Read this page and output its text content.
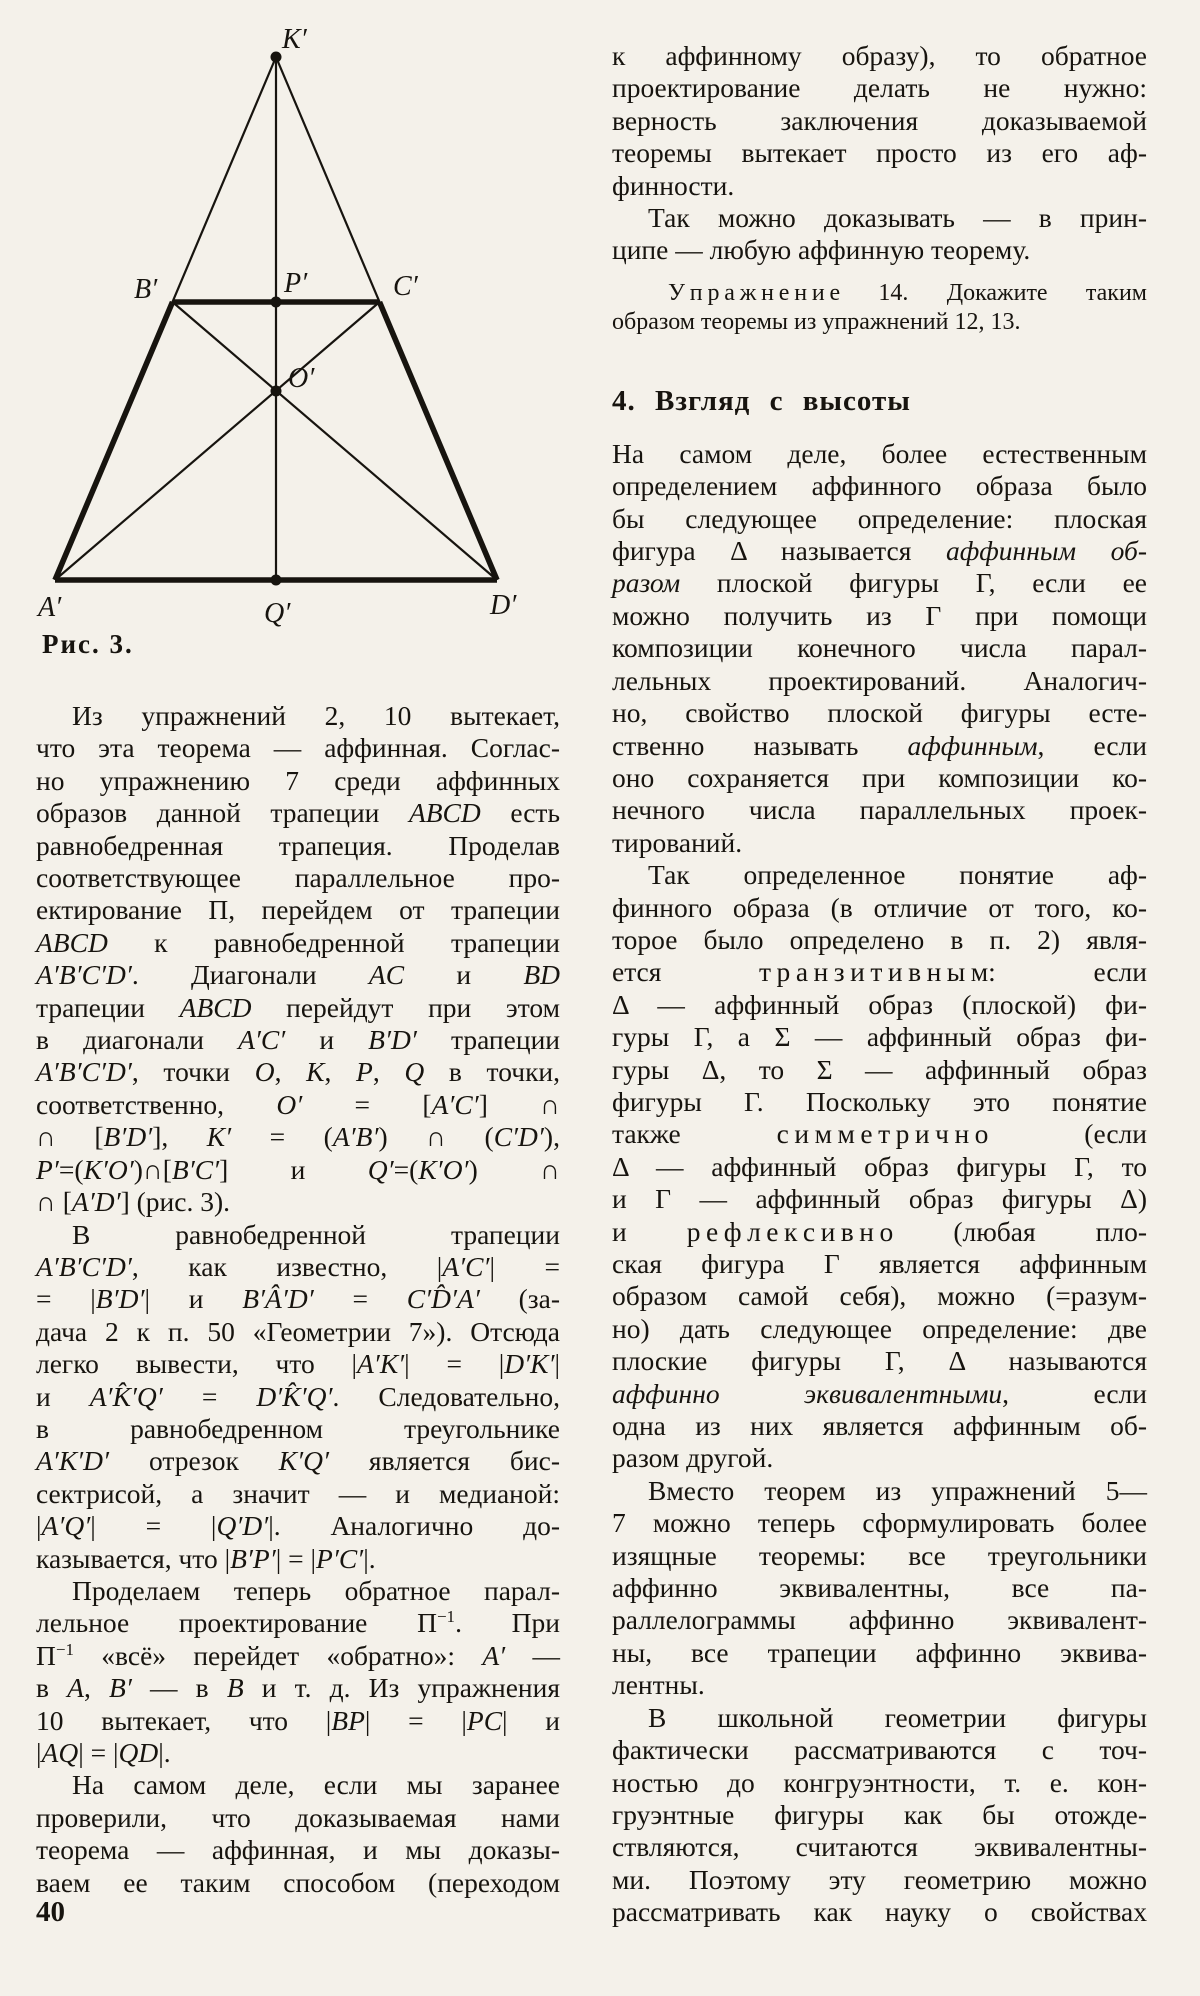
K′
B′	P′	C′
O′
A′	Q′	D′
Рис. 3.
Из упражнений 2, 10 вытекает,
что эта теорема — аффинная. Соглас-
но упражнению 7 среди аффинных
образов данной трапеции ABCD есть
равнобедренная трапеция. Проделав
соответствующее параллельное про-
ектирование П, перейдем от трапеции
ABCD к равнобедренной трапеции
A′B′C′D′. Диагонали AC и BD
трапеции ABCD перейдут при этом
в диагонали A′C′ и B′D′ трапеции
A′B′C′D′, точки O, K, P, Q в точки,
соответственно, O′ = [A′C′] ∩
∩ [B′D′], K′ = (A′B′) ∩ (C′D′),
P′=(K′O′)∩[B′C′] и Q′=(K′O′) ∩
∩ [A′D′] (рис. 3).
В равнобедренной трапеции
A′B′C′D′, как известно, |A′C′| =
= |B′D′| и B′Â′D′ = C′D̂′A′ (за-
дача 2 к п. 50 «Геометрии 7»). Отсюда
легко вывести, что |A′K′| = |D′K′|
и A′K̂′Q′ = D′K̂′Q′. Следовательно,
в равнобедренном треугольнике
A′K′D′ отрезок K′Q′ является бис-
сектрисой, а значит — и медианой:
|A′Q′| = |Q′D′|. Аналогично до-
казывается, что |B′P′| = |P′C′|.
Проделаем теперь обратное парал-
лельное проектирование $П^{-1}$. При
$П^{-1}$ «всё» перейдет «обратно»: A′ —
в A, B′ — в B и т. д. Из упражнения
10 вытекает, что |BP| = |PC| и
|AQ| = |QD|.
На самом деле, если мы заранее
проверили, что доказываемая нами
теорема — аффинная, и мы доказы-
ваем ее таким способом (переходом
к аффинному образу), то обратное
проектирование делать не нужно:
верность заключения доказываемой
теоремы вытекает просто из его аф-
финности.
Так можно доказывать — в прин-
ципе — любую аффинную теорему.
У п р а ж н е н и е 14. Докажите таким
образом теоремы из упражнений 12, 13.
4. Взгляд с высоты
На самом деле, более естественным
определением аффинного образа было
бы следующее определение: плоская
фигура Δ называется аффинным об-
разом плоской фигуры Г, если ее
можно получить из Г при помощи
композиции конечного числа парал-
лельных проектирований. Аналогич-
но, свойство плоской фигуры есте-
ственно называть аффинным, если
оно сохраняется при композиции ко-
нечного числа параллельных проек-
тирований.
Так определенное понятие аф-
финного образа (в отличие от того, ко-
торое было определено в п. 2) явля-
ется т р а н з и т и в н ы м: если
Δ — аффинный образ (плоской) фи-
гуры Г, а Σ — аффинный образ фи-
гуры Δ, то Σ — аффинный образ
фигуры Г. Поскольку это понятие
также с и м м е т р и ч н о (если
Δ — аффинный образ фигуры Г, то
и Г — аффинный образ фигуры Δ)
и р е ф л е к с и в н о (любая пло-
ская фигура Г является аффинным
образом самой себя), можно (=разум-
но) дать следующее определение: две
плоские фигуры Г, Δ называются
аффинно эквивалентными, если
одна из них является аффинным об-
разом другой.
Вместо теорем из упражнений 5—
7 можно теперь сформулировать более
изящные теоремы: все треугольники
аффинно эквивалентны, все па-
раллелограммы аффинно эквивалент-
ны, все трапеции аффинно эквива-
лентны.
В школьной геометрии фигуры
фактически рассматриваются с точ-
ностью до конгруэнтности, т. е. кон-
груэнтные фигуры как бы отожде-
ствляются, считаются эквивалентны-
ми. Поэтому эту геометрию можно
рассматривать как науку о свойствах
40
